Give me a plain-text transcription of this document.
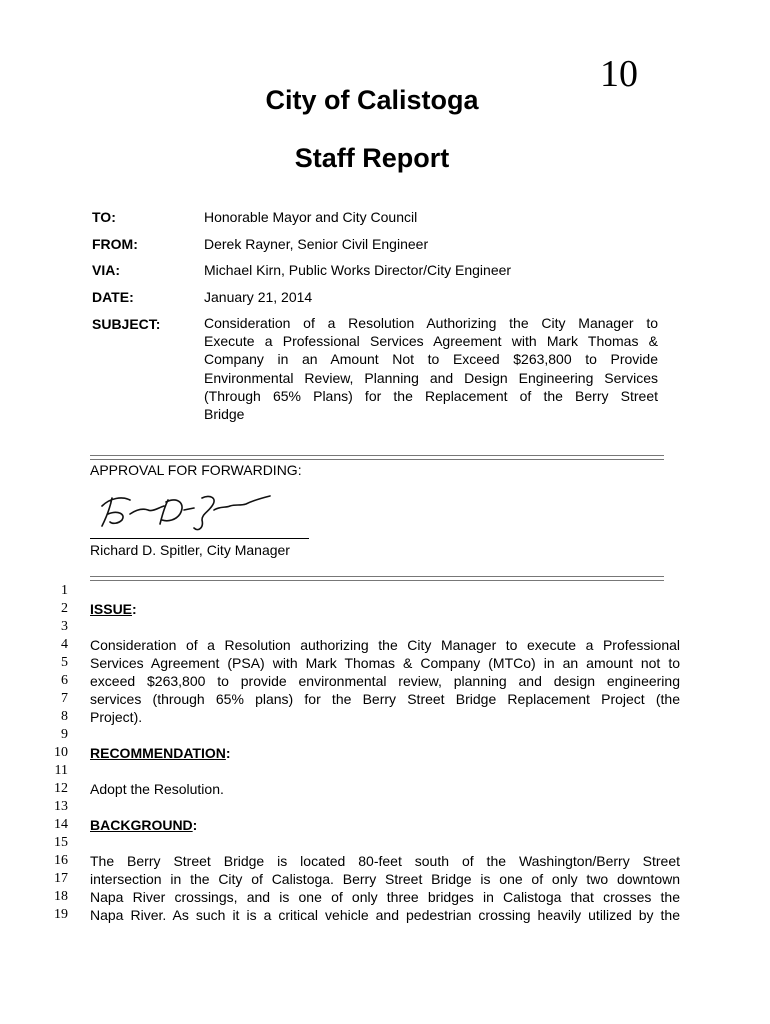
10
City of Calistoga
Staff Report
TO:	Honorable Mayor and City Council
FROM:	Derek Rayner, Senior Civil Engineer
VIA:	Michael Kirn, Public Works Director/City Engineer
DATE:	January 21, 2014
SUBJECT:	Consideration of a Resolution Authorizing the City Manager to
Execute a Professional Services Agreement with Mark Thomas &
Company in an Amount Not to Exceed $263,800 to Provide
Environmental Review, Planning and Design Engineering Services
(Through 65% Plans) for the Replacement of the Berry Street
Bridge
APPROVAL FOR FORWARDING:
Richard D. Spitler, City Manager
1
2
3
4
5
6
7
8
9
10
11
12
13
14
15
16
17
18
19
ISSUE:
Consideration of a Resolution authorizing the City Manager to execute a Professional
Services Agreement (PSA) with Mark Thomas & Company (MTCo) in an amount not to
exceed $263,800 to provide environmental review, planning and design engineering
services (through 65% plans) for the Berry Street Bridge Replacement Project (the
Project).
RECOMMENDATION:
Adopt the Resolution.
BACKGROUND:
The Berry Street Bridge is located 80-feet south of the Washington/Berry Street
intersection in the City of Calistoga. Berry Street Bridge is one of only two downtown
Napa River crossings, and is one of only three bridges in Calistoga that crosses the
Napa River. As such it is a critical vehicle and pedestrian crossing heavily utilized by the
